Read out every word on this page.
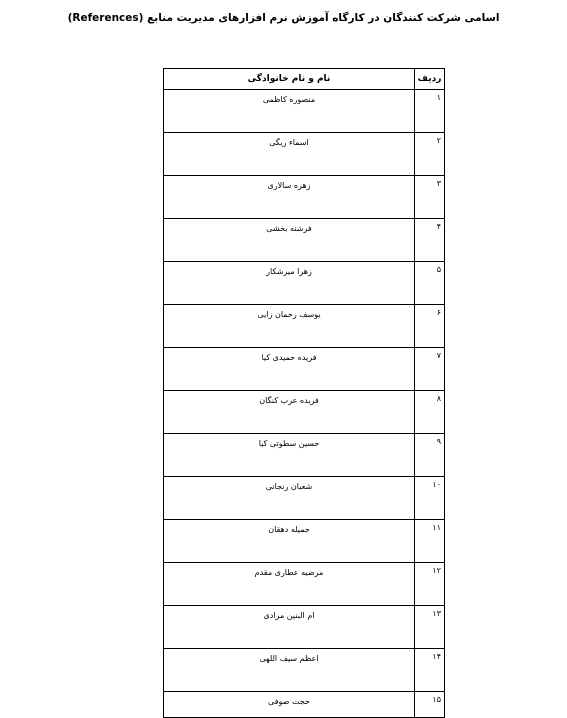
اسامی شرکت کنندگان در کارگاه آموزش نرم افزارهای مدیریت منابع (References)
ردیف	نام و نام خانوادگی
۱	منصوره کاظمی
۲	اسماء ریگی
۳	زهره سالاری
۴	فرشته بخشی
۵	زهرا میرشکار
۶	یوسف رحمان زایی
۷	فریده حمیدی کیا
۸	فریده عرب کنگان
۹	حسین سطوتی کیا
۱۰	شعبان رنجانی
۱۱	جمیله دهقان
۱۲	مرضیه عطاری مقدم
۱۳	ام البنین مرادی
۱۴	اعظم سیف اللهی
۱۵	حجت صوفی
